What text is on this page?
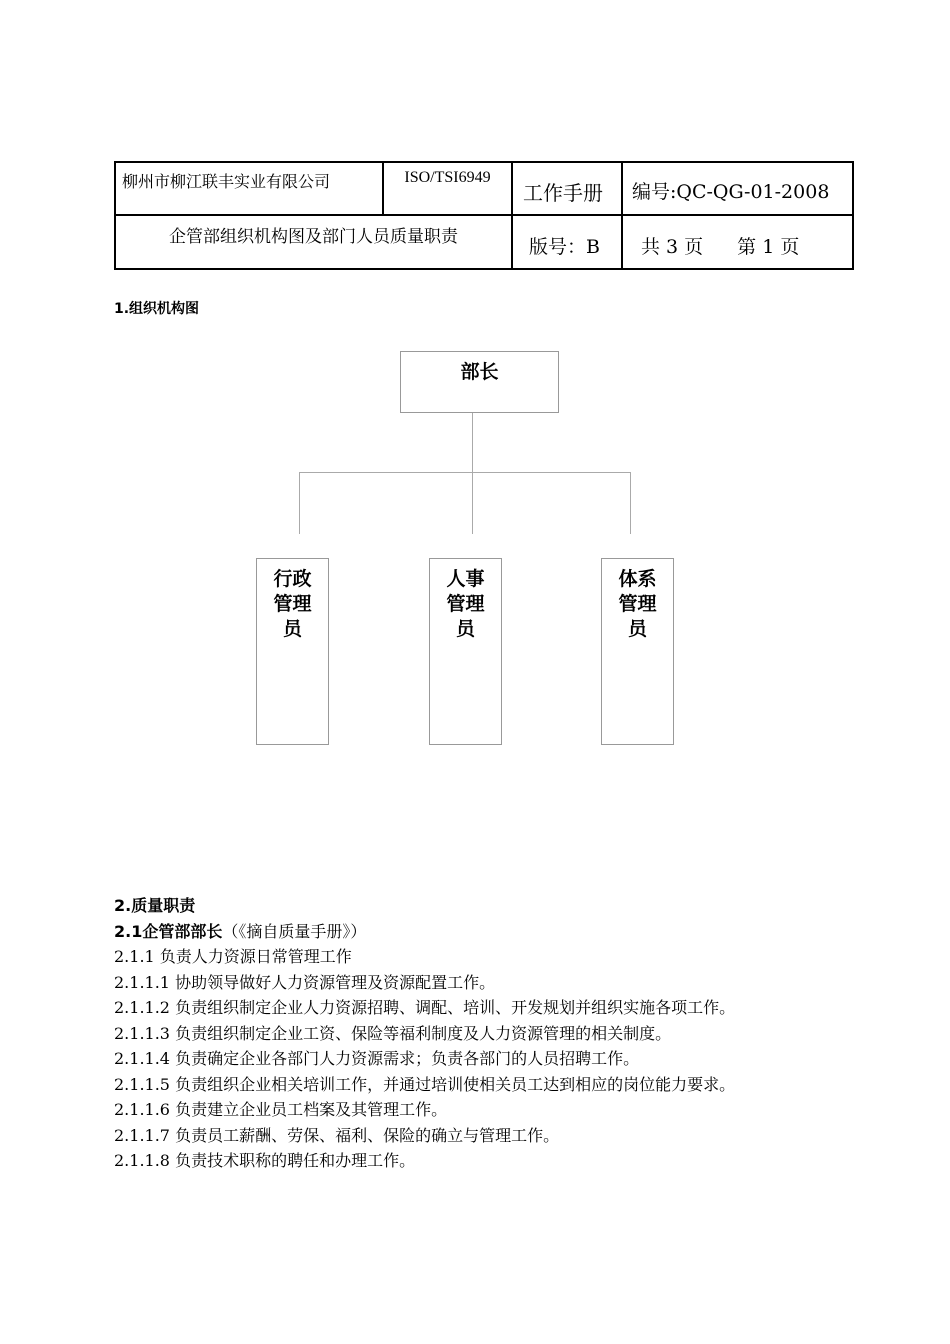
柳州市柳江联丰实业有限公司	ISO/TSI6949	工作手册	编号:QC-QG-01-2008
企管部组织机构图及部门人员质量职责		版号：B	共 3 页 第 1 页
1.组织机构图
部长
行政
管理
员
人事
管理
员
体系
管理
员

2.质量职责

2.1企管部部长（《摘自质量手册》）

2.1.1 负责人力资源日常管理工作

2.1.1.1 协助领导做好人力资源管理及资源配置工作。

2.1.1.2 负责组织制定企业人力资源招聘、调配、培训、开发规划并组织实施各项工作。

2.1.1.3 负责组织制定企业工资、保险等福利制度及人力资源管理的相关制度。

2.1.1.4 负责确定企业各部门人力资源需求；负责各部门的人员招聘工作。

2.1.1.5 负责组织企业相关培训工作，并通过培训使相关员工达到相应的岗位能力要求。

2.1.1.6 负责建立企业员工档案及其管理工作。

2.1.1.7 负责员工薪酬、劳保、福利、保险的确立与管理工作。

2.1.1.8 负责技术职称的聘任和办理工作。
